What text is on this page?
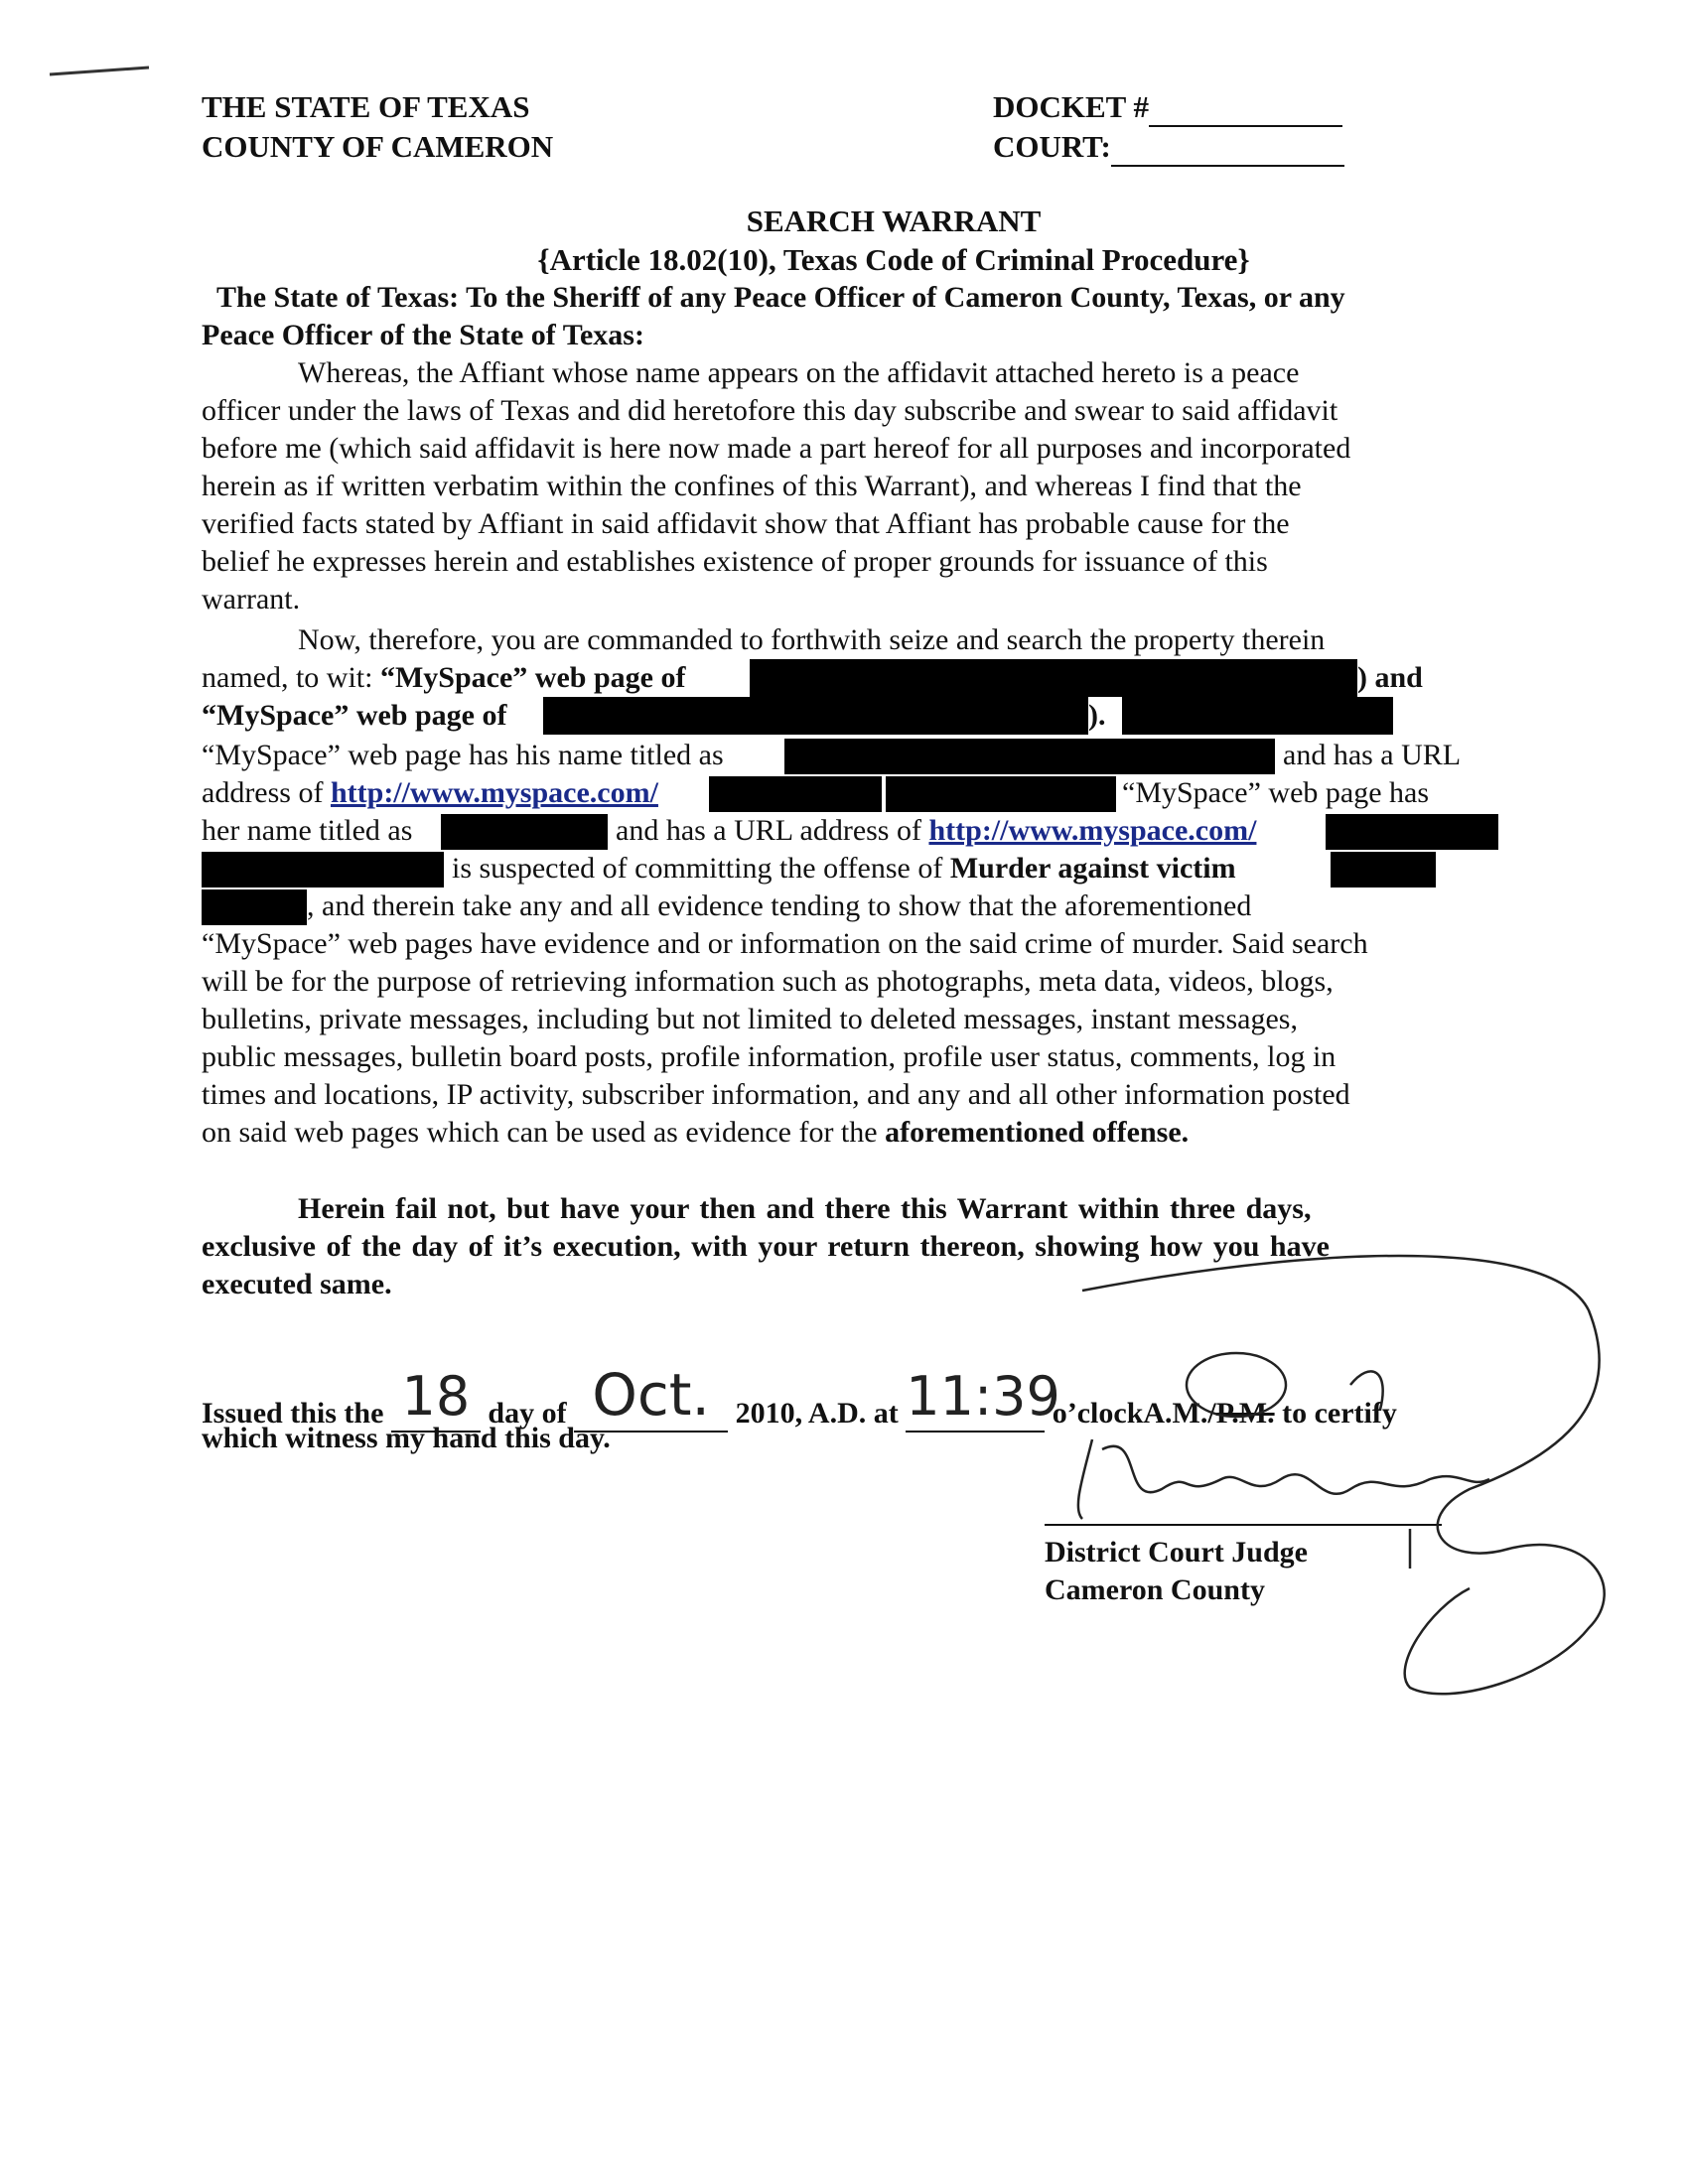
THE STATE OF TEXAS
COUNTY OF CAMERON
DOCKET #
COURT:
SEARCH WARRANT
{Article 18.02(10), Texas Code of Criminal Procedure}
The State of Texas: To the Sheriff of any Peace Officer of Cameron County, Texas, or any
Peace Officer of the State of Texas:
Whereas, the Affiant whose name appears on the affidavit attached hereto is a peace
officer under the laws of Texas and did heretofore this day subscribe and swear to said affidavit
before me (which said affidavit is here now made a part hereof for all purposes and incorporated
herein as if written verbatim within the confines of this Warrant), and whereas I find that the
verified facts stated by Affiant in said affidavit show that Affiant has probable cause for the
belief he expresses herein and establishes existence of proper grounds for issuance of this
warrant.
Now, therefore, you are commanded to forthwith seize and search the property therein
named, to wit: “MySpace” web page of	) and
“MySpace” web page of	).
“MySpace” web page has his name titled as	and has a URL
address of http://www.myspace.com/	“MySpace” web page has
her name titled as	and has a URL address of http://www.myspace.com/
is suspected of committing the offense of Murder against victim
, and therein take any and all evidence tending to show that the aforementioned
“MySpace” web pages have evidence and or information on the said crime of murder. Said search
will be for the purpose of retrieving information such as photographs, meta data, videos, blogs,
bulletins, private messages, including but not limited to deleted messages, instant messages,
public messages, bulletin board posts, profile information, profile user status, comments, log in
times and locations, IP activity, subscriber information, and any and all other information posted
on said web pages which can be used as evidence for the aforementioned offense.
Herein fail not, but have your then and there this Warrant within three days,
exclusive of the day of it’s execution, with your return thereon, showing how you have
executed same.
Issued this the 18 day of Oct. 2010, A.D. at 11:39 o’clockA.M./P.M. to certify
which witness my hand this day.
District Court Judge
Cameron County
